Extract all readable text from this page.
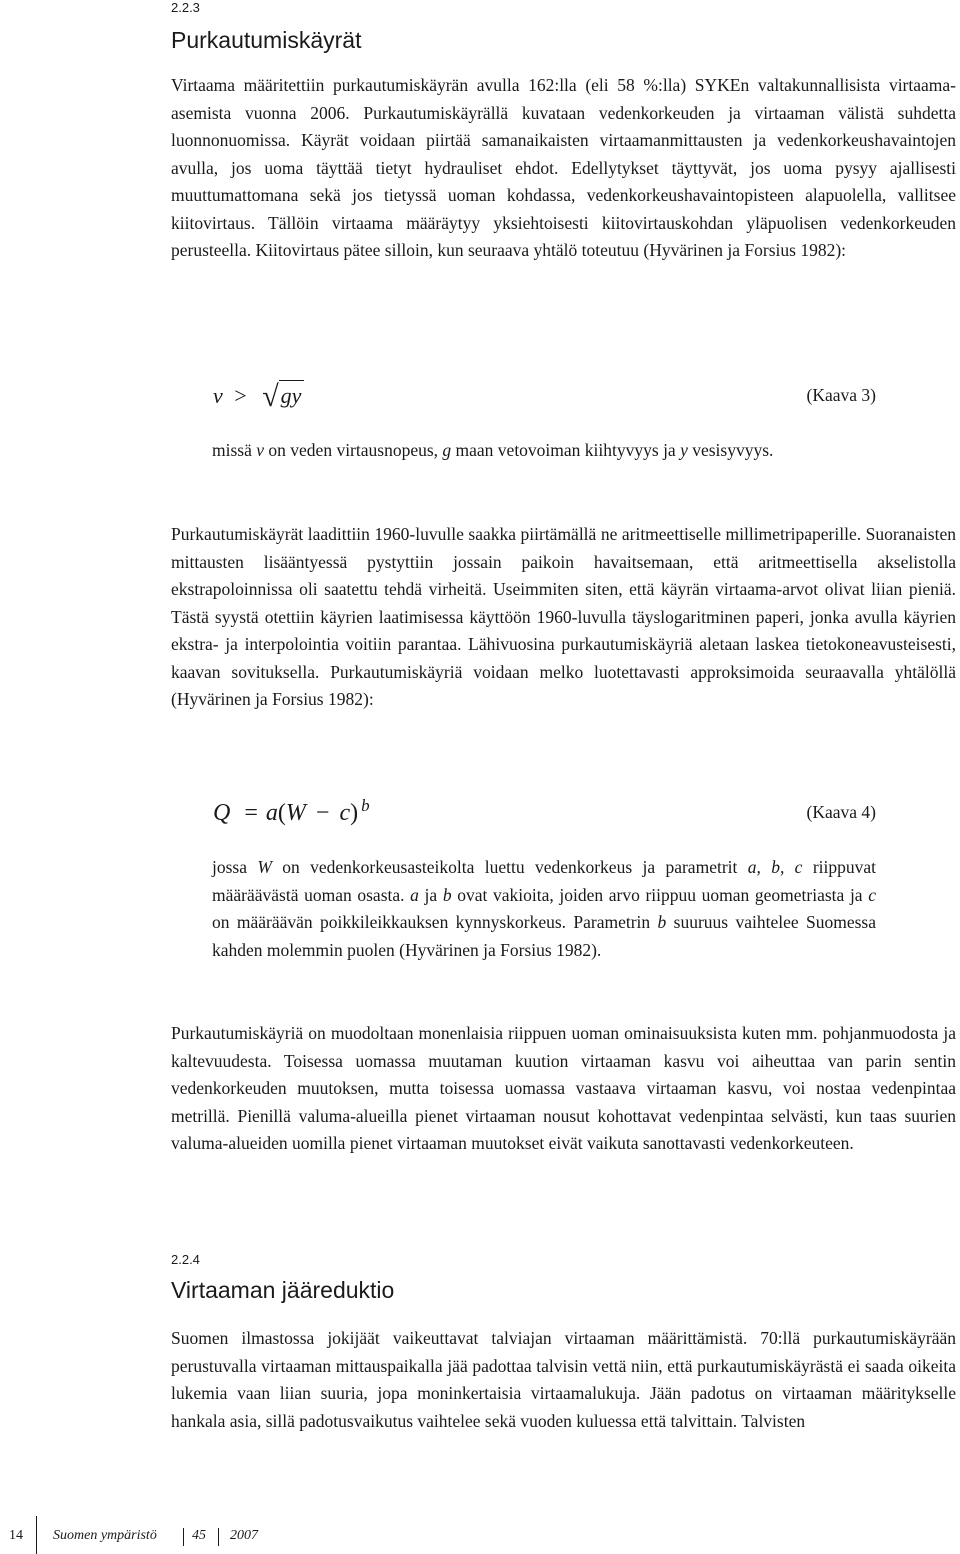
2.2.3

Purkautumiskäyrät

Virtaama määritettiin purkautumiskäyrän avulla 162:lla (eli 58 %:lla) SYKEn valtakunnallisista virtaama-asemista vuonna 2006. Purkautumiskäyrällä kuvataan vedenkorkeuden ja virtaaman välistä suhdetta luonnonuomissa. Käyrät voidaan piirtää samanaikaisten virtaamanmittausten ja vedenkorkeushavaintojen avulla, jos uoma täyttää tietyt hydrauliset ehdot. Edellytykset täyttyvät, jos uoma pysyy ajallisesti muuttumattomana sekä jos tietyssä uoman kohdassa, vedenkorkeushavaintopisteen alapuolella, vallitsee kiitovirtaus. Tällöin virtaama määräytyy yksiehtoisesti kiitovirtauskohdan yläpuolisen vedenkorkeuden perusteella. Kiitovirtaus pätee silloin, kun seuraava yhtälö toteutuu (Hyvärinen ja Forsius 1982):

v > √gy	(Kaava 3)

missä v on veden virtausnopeus, g maan vetovoiman kiihtyvyys ja y vesisyvyys.

Purkautumiskäyrät laadittiin 1960-luvulle saakka piirtämällä ne aritmeettiselle millimetripaperille. Suoranaisten mittausten lisääntyessä pystyttiin jossain paikoin havaitsemaan, että aritmeettisella akselistolla ekstrapoloinnissa oli saatettu tehdä virheitä. Useimmiten siten, että käyrän virtaama-arvot olivat liian pieniä. Tästä syystä otettiin käyrien laatimisessa käyttöön 1960-luvulla täyslogaritminen paperi, jonka avulla käyrien ekstra- ja interpolointia voitiin parantaa. Lähivuosina purkautumiskäyriä aletaan laskea tietokoneavusteisesti, kaavan sovituksella. Purkautumiskäyriä voidaan melko luotettavasti approksimoida seuraavalla yhtälöllä (Hyvärinen ja Forsius 1982):

Q = a(W − c) $^b$	(Kaava 4)

jossa W on vedenkorkeusasteikolta luettu vedenkorkeus ja parametrit a, b, c riippuvat määräävästä uoman osasta. a ja b ovat vakioita, joiden arvo riippuu uoman geometriasta ja c on määräävän poikkileikkauksen kynnyskorkeus. Parametrin b suuruus vaihtelee Suomessa kahden molemmin puolen (Hyvärinen ja Forsius 1982).

Purkautumiskäyriä on muodoltaan monenlaisia riippuen uoman ominaisuuksista kuten mm. pohjanmuodosta ja kaltevuudesta. Toisessa uomassa muutaman kuution virtaaman kasvu voi aiheuttaa van parin sentin vedenkorkeuden muutoksen, mutta toisessa uomassa vastaava virtaaman kasvu, voi nostaa vedenpintaa metrillä. Pienillä valuma-alueilla pienet virtaaman nousut kohottavat vedenpintaa selvästi, kun taas suurien valuma-alueiden uomilla pienet virtaaman muutokset eivät vaikuta sanottavasti vedenkorkeuteen.

2.2.4

Virtaaman jääreduktio

Suomen ilmastossa jokijäät vaikeuttavat talviajan virtaaman määrittämistä. 70:llä purkautumiskäyrään perustuvalla virtaaman mittauspaikalla jää padottaa talvisin vettä niin, että purkautumiskäyrästä ei saada oikeita lukemia vaan liian suuria, jopa moninkertaisia virtaamalukuja. Jään padotus on virtaaman määritykselle hankala asia, sillä padotusvaikutus vaihtelee sekä vuoden kuluessa että talvittain. Talvisten

14 Suomen ympäristö	45 2007
